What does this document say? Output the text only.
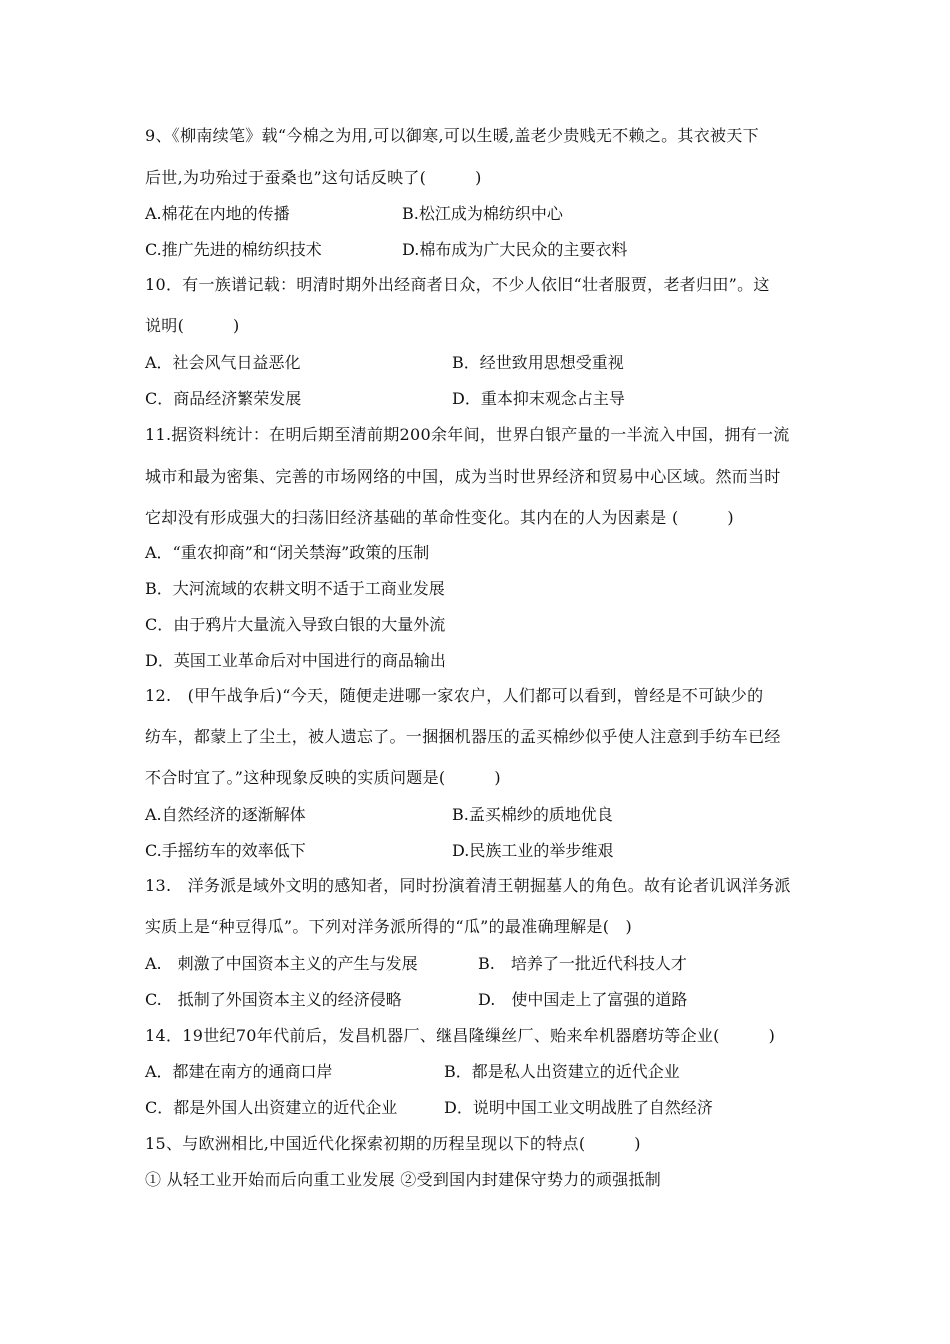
9、《柳南续笔》载“今棉之为用,可以御寒,可以生暖,盖老少贵贱无不赖之。其衣被天下
后世,为功殆过于蚕桑也”这句话反映了(　　　)
A.棉花在内地的传播	B.松江成为棉纺织中心
C.推广先进的棉纺织技术	D.棉布成为广大民众的主要衣料
10．有一族谱记载：明清时期外出经商者日众，不少人依旧“壮者服贾，老者归田”。这
说明(　　　)
A．社会风气日益恶化	B．经世致用思想受重视
C．商品经济繁荣发展	D．重本抑末观念占主导
11.据资料统计：在明后期至清前期200余年间，世界白银产量的一半流入中国，拥有一流
城市和最为密集、完善的市场网络的中国，成为当时世界经济和贸易中心区域。然而当时
它却没有形成强大的扫荡旧经济基础的革命性变化。其内在的人为因素是 (　　　)
A．“重农抑商”和“闭关禁海”政策的压制
B．大河流域的农耕文明不适于工商业发展
C．由于鸦片大量流入导致白银的大量外流
D．英国工业革命后对中国进行的商品输出
12.　(甲午战争后)“今天，随便走进哪一家农户，人们都可以看到，曾经是不可缺少的
纺车，都蒙上了尘土，被人遗忘了。一捆捆机器压的孟买棉纱似乎使人注意到手纺车已经
不合时宜了。”这种现象反映的实质问题是(　　　)
A.自然经济的逐渐解体	B.孟买棉纱的质地优良
C.手摇纺车的效率低下	D.民族工业的举步维艰
13.　洋务派是域外文明的感知者，同时扮演着清王朝掘墓人的角色。故有论者讥讽洋务派
实质上是“种豆得瓜”。下列对洋务派所得的“瓜”的最准确理解是(　)
A.　刺激了中国资本主义的产生与发展	B.　培养了一批近代科技人才
C.　抵制了外国资本主义的经济侵略	D.　使中国走上了富强的道路
14．19世纪70年代前后，发昌机器厂、继昌隆缫丝厂、贻来牟机器磨坊等企业(　　　)
A．都建在南方的通商口岸	B．都是私人出资建立的近代企业
C．都是外国人出资建立的近代企业	D．说明中国工业文明战胜了自然经济
15、与欧洲相比,中国近代化探索初期的历程呈现以下的特点(　　　)
① 从轻工业开始而后向重工业发展 ②受到国内封建保守势力的顽强抵制
